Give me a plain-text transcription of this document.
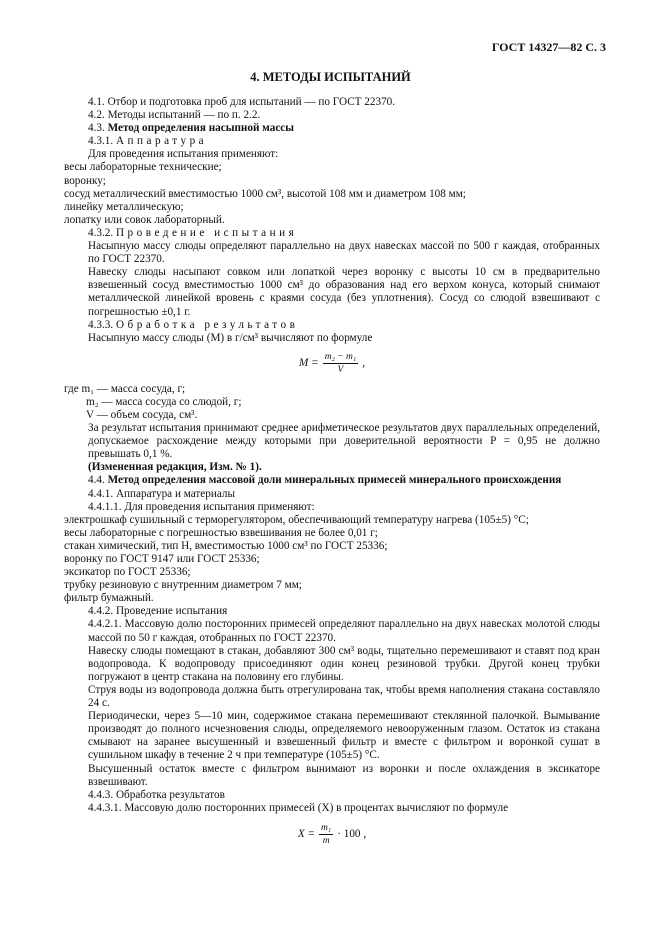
ГОСТ 14327—82 С. 3
4. МЕТОДЫ ИСПЫТАНИЙ

4.1. Отбор и подготовка проб для испытаний — по ГОСТ 22370.

4.2. Методы испытаний — по п. 2.2.

4.3. Метод определения насыпной массы

4.3.1. Аппаратура

Для проведения испытания применяют:

весы лабораторные технические;

воронку;

сосуд металлический вместимостью 1000 см³, высотой 108 мм и диаметром 108 мм;

линейку металлическую;

лопатку или совок лабораторный.

4.3.2. Проведение испытания

Насыпную массу слюды определяют параллельно на двух навесках массой по 500 г каждая, отобранных по ГОСТ 22370.

Навеску слюды насыпают совком или лопаткой через воронку с высоты 10 см в предварительно взвешенный сосуд вместимостью 1000 см³ до образования над его верхом конуса, который снимают металлической линейкой вровень с краями сосуда (без уплотнения). Сосуд со слюдой взвешивают с погрешностью ±0,1 г.

4.3.3. Обработка результатов

Насыпную массу слюды (M) в г/см³ вычисляют по формуле

$M = \frac{\text{m₂ − m₁}}{V}$ ,

где m₁ — масса сосуда, г;

m₂ — масса сосуда со слюдой, г;

V — объем сосуда, см³.

За результат испытания принимают среднее арифметическое результатов двух параллельных определений, допускаемое расхождение между которыми при доверительной вероятности P = 0,95 не должно превышать 0,1 %.

(Измененная редакция, Изм. № 1).

4.4. Метод определения массовой доли минеральных примесей минерального происхождения

4.4.1. Аппаратура и материалы

4.4.1.1. Для проведения испытания применяют:

электрошкаф сушильный с терморегулятором, обеспечивающий температуру нагрева (105±5) °С;

весы лабораторные с погрешностью взвешивания не более 0,01 г;

стакан химический, тип Н, вместимостью 1000 см³ по ГОСТ 25336;

воронку по ГОСТ 9147 или ГОСТ 25336;

эксикатор по ГОСТ 25336;

трубку резиновую с внутренним диаметром 7 мм;

фильтр бумажный.

4.4.2. Проведение испытания

4.4.2.1. Массовую долю посторонних примесей определяют параллельно на двух навесках молотой слюды массой по 50 г каждая, отобранных по ГОСТ 22370.

Навеску слюды помещают в стакан, добавляют 300 см³ воды, тщательно перемешивают и ставят под кран водопровода. К водопроводу присоединяют один конец резиновой трубки. Другой конец трубки погружают в центр стакана на половину его глубины.

Струя воды из водопровода должна быть отрегулирована так, чтобы время наполнения стакана составляло 24 с.

Периодически, через 5—10 мин, содержимое стакана перемешивают стеклянной палочкой. Вымывание производят до полного исчезновения слюды, определяемого невооруженным глазом. Остаток из стакана смывают на заранее высушенный и взвешенный фильтр и вместе с фильтром и воронкой сушат в сушильном шкафу в течение 2 ч при температуре (105±5) °С.

Высушенный остаток вместе с фильтром вынимают из воронки и после охлаждения в эксикаторе взвешивают.

4.4.3. Обработка результатов

4.4.3.1. Массовую долю посторонних примесей (X) в процентах вычисляют по формуле

$X = \frac{\text{m₁}}{m} \cdot 100$ ,
